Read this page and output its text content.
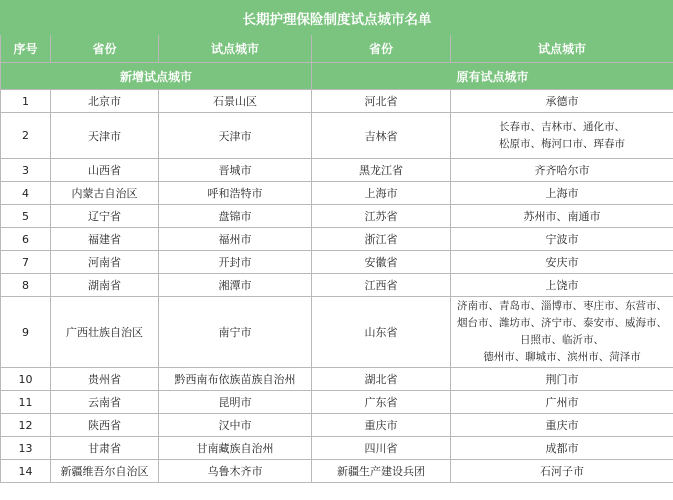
长期护理保险制度试点城市名单				
序号	省份	试点城市	省份	试点城市
新增试点城市			原有试点城市	
1	北京市	石景山区	河北省	承德市

2	天津市	天津市	吉林省	长春市、吉林市、通化市、
松原市、梅河口市、珲春市

3	山西省	晋城市	黑龙江省	齐齐哈尔市

4	内蒙古自治区	呼和浩特市	上海市	上海市

5	辽宁省	盘锦市	江苏省	苏州市、南通市

6	福建省	福州市	浙江省	宁波市

7	河南省	开封市	安徽省	安庆市

8	湖南省	湘潭市	江西省	上饶市

9	广西壮族自治区	南宁市	山东省	济南市、青岛市、淄博市、枣庄市、东营市、
烟台市、潍坊市、济宁市、泰安市、威海市、
日照市、临沂市、
德州市、聊城市、滨州市、菏泽市

10	贵州省	黔西南布依族苗族自治州	湖北省	荆门市

11	云南省	昆明市	广东省	广州市

12	陕西省	汉中市	重庆市	重庆市

13	甘肃省	甘南藏族自治州	四川省	成都市

14	新疆维吾尔自治区	乌鲁木齐市	新疆生产建设兵团	石河子市
